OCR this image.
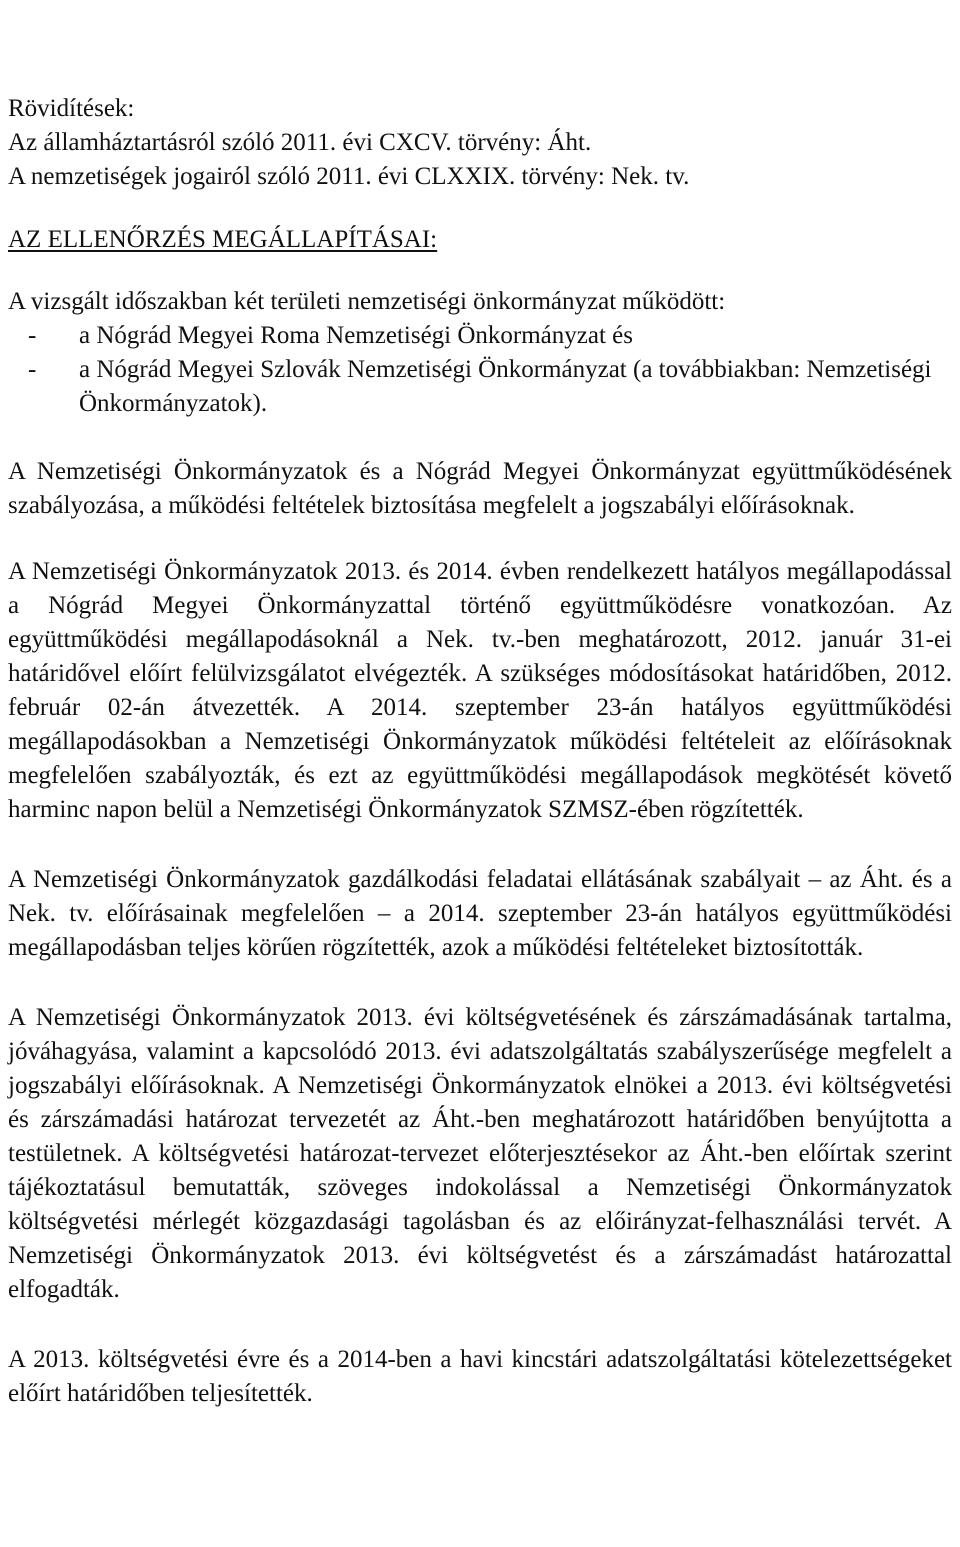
Rövidítések:

Az államháztartásról szóló 2011. évi CXCV. törvény: Áht.

A nemzetiségek jogairól szóló 2011. évi CLXXIX. törvény: Nek. tv.

AZ ELLENŐRZÉS MEGÁLLAPÍTÁSAI:

A vizsgált időszakban két területi nemzetiségi önkormányzat működött:

- a Nógrád Megyei Roma Nemzetiségi Önkormányzat és
- a Nógrád Megyei Szlovák Nemzetiségi Önkormányzat (a továbbiakban: Nemzetiségi Önkormányzatok).

A Nemzetiségi Önkormányzatok és a Nógrád Megyei Önkormányzat együttműködésének szabályozása, a működési feltételek biztosítása megfelelt a jogszabályi előírásoknak.

A Nemzetiségi Önkormányzatok 2013. és 2014. évben rendelkezett hatályos megállapodással a Nógrád Megyei Önkormányzattal történő együttműködésre vonatkozóan. Az együttműködési megállapodásoknál a Nek. tv.-ben meghatározott, 2012. január 31-ei határidővel előírt felülvizsgálatot elvégezték. A szükséges módosításokat határidőben, 2012. február 02-án átvezették. A 2014. szeptember 23-án hatályos együttműködési megállapodásokban a Nemzetiségi Önkormányzatok működési feltételeit az előírásoknak megfelelően szabályozták, és ezt az együttműködési megállapodások megkötését követő harminc napon belül a Nemzetiségi Önkormányzatok SZMSZ-ében rögzítették.

A Nemzetiségi Önkormányzatok gazdálkodási feladatai ellátásának szabályait – az Áht. és a Nek. tv. előírásainak megfelelően – a 2014. szeptember 23-án hatályos együttműködési megállapodásban teljes körűen rögzítették, azok a működési feltételeket biztosították.

A Nemzetiségi Önkormányzatok 2013. évi költségvetésének és zárszámadásának tartalma, jóváhagyása, valamint a kapcsolódó 2013. évi adatszolgáltatás szabályszerűsége megfelelt a jogszabályi előírásoknak. A Nemzetiségi Önkormányzatok elnökei a 2013. évi költségvetési és zárszámadási határozat tervezetét az Áht.-ben meghatározott határidőben benyújtotta a testületnek. A költségvetési határozat-tervezet előterjesztésekor az Áht.-ben előírtak szerint tájékoztatásul bemutatták, szöveges indokolással a Nemzetiségi Önkormányzatok költségvetési mérlegét közgazdasági tagolásban és az előirányzat-felhasználási tervét. A Nemzetiségi Önkormányzatok 2013. évi költségvetést és a zárszámadást határozattal elfogadták.

A 2013. költségvetési évre és a 2014-ben a havi kincstári adatszolgáltatási kötelezettségeket előírt határidőben teljesítették.
